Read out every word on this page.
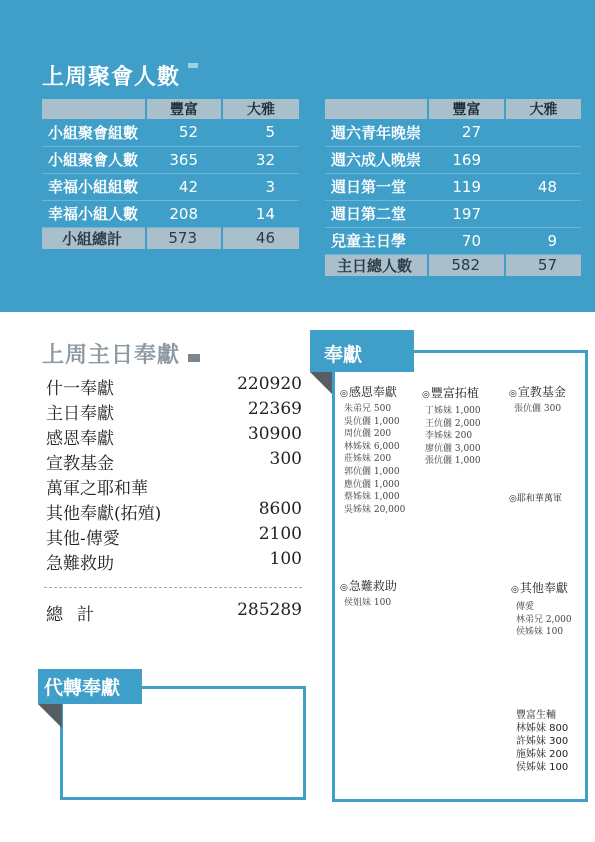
上周聚會人數
	豐富	大雅
小組聚會組數	52	5
小組聚會人數	365	32
幸福小組組數	42	3
幸福小組人數	208	14
小組總計	573	46
	豐富	大雅
週六青年晚崇	27	
週六成人晚崇	169	
週日第一堂	119	48
週日第二堂	197	
兒童主日學	70	9
主日總人數	582	57
上周主日奉獻
什一奉獻	220920
主日奉獻	22369
感恩奉獻	30900
宣教基金	300
萬軍之耶和華
其他奉獻(拓殖)	8600
其他-傳愛	2100
急難救助	100
總計	285289
代轉奉獻
奉獻
◎感恩奉獻
朱弟兄 500
吳伉儷 1,000
周伉儷 200
林姊妹 6,000
莊姊妹 200
郭伉儷 1,000
應伉儷 1,000
蔡姊妹 1,000
吳姊妹 20,000
◎豐富拓植
丁姊妹 1,000
王伉儷 2,000
李姊妹 200
廖伉儷 3,000
張伉儷 1,000
◎宣教基金
張伉儷 300
◎耶和華萬軍
◎急難救助
侯姐妹 100
◎其他奉獻
傳愛
林弟兄 2,000
侯姊妹 100
豐富生輔
林姊妹 800
許姊妹 300
施姊妹 200
侯姊妹 100
